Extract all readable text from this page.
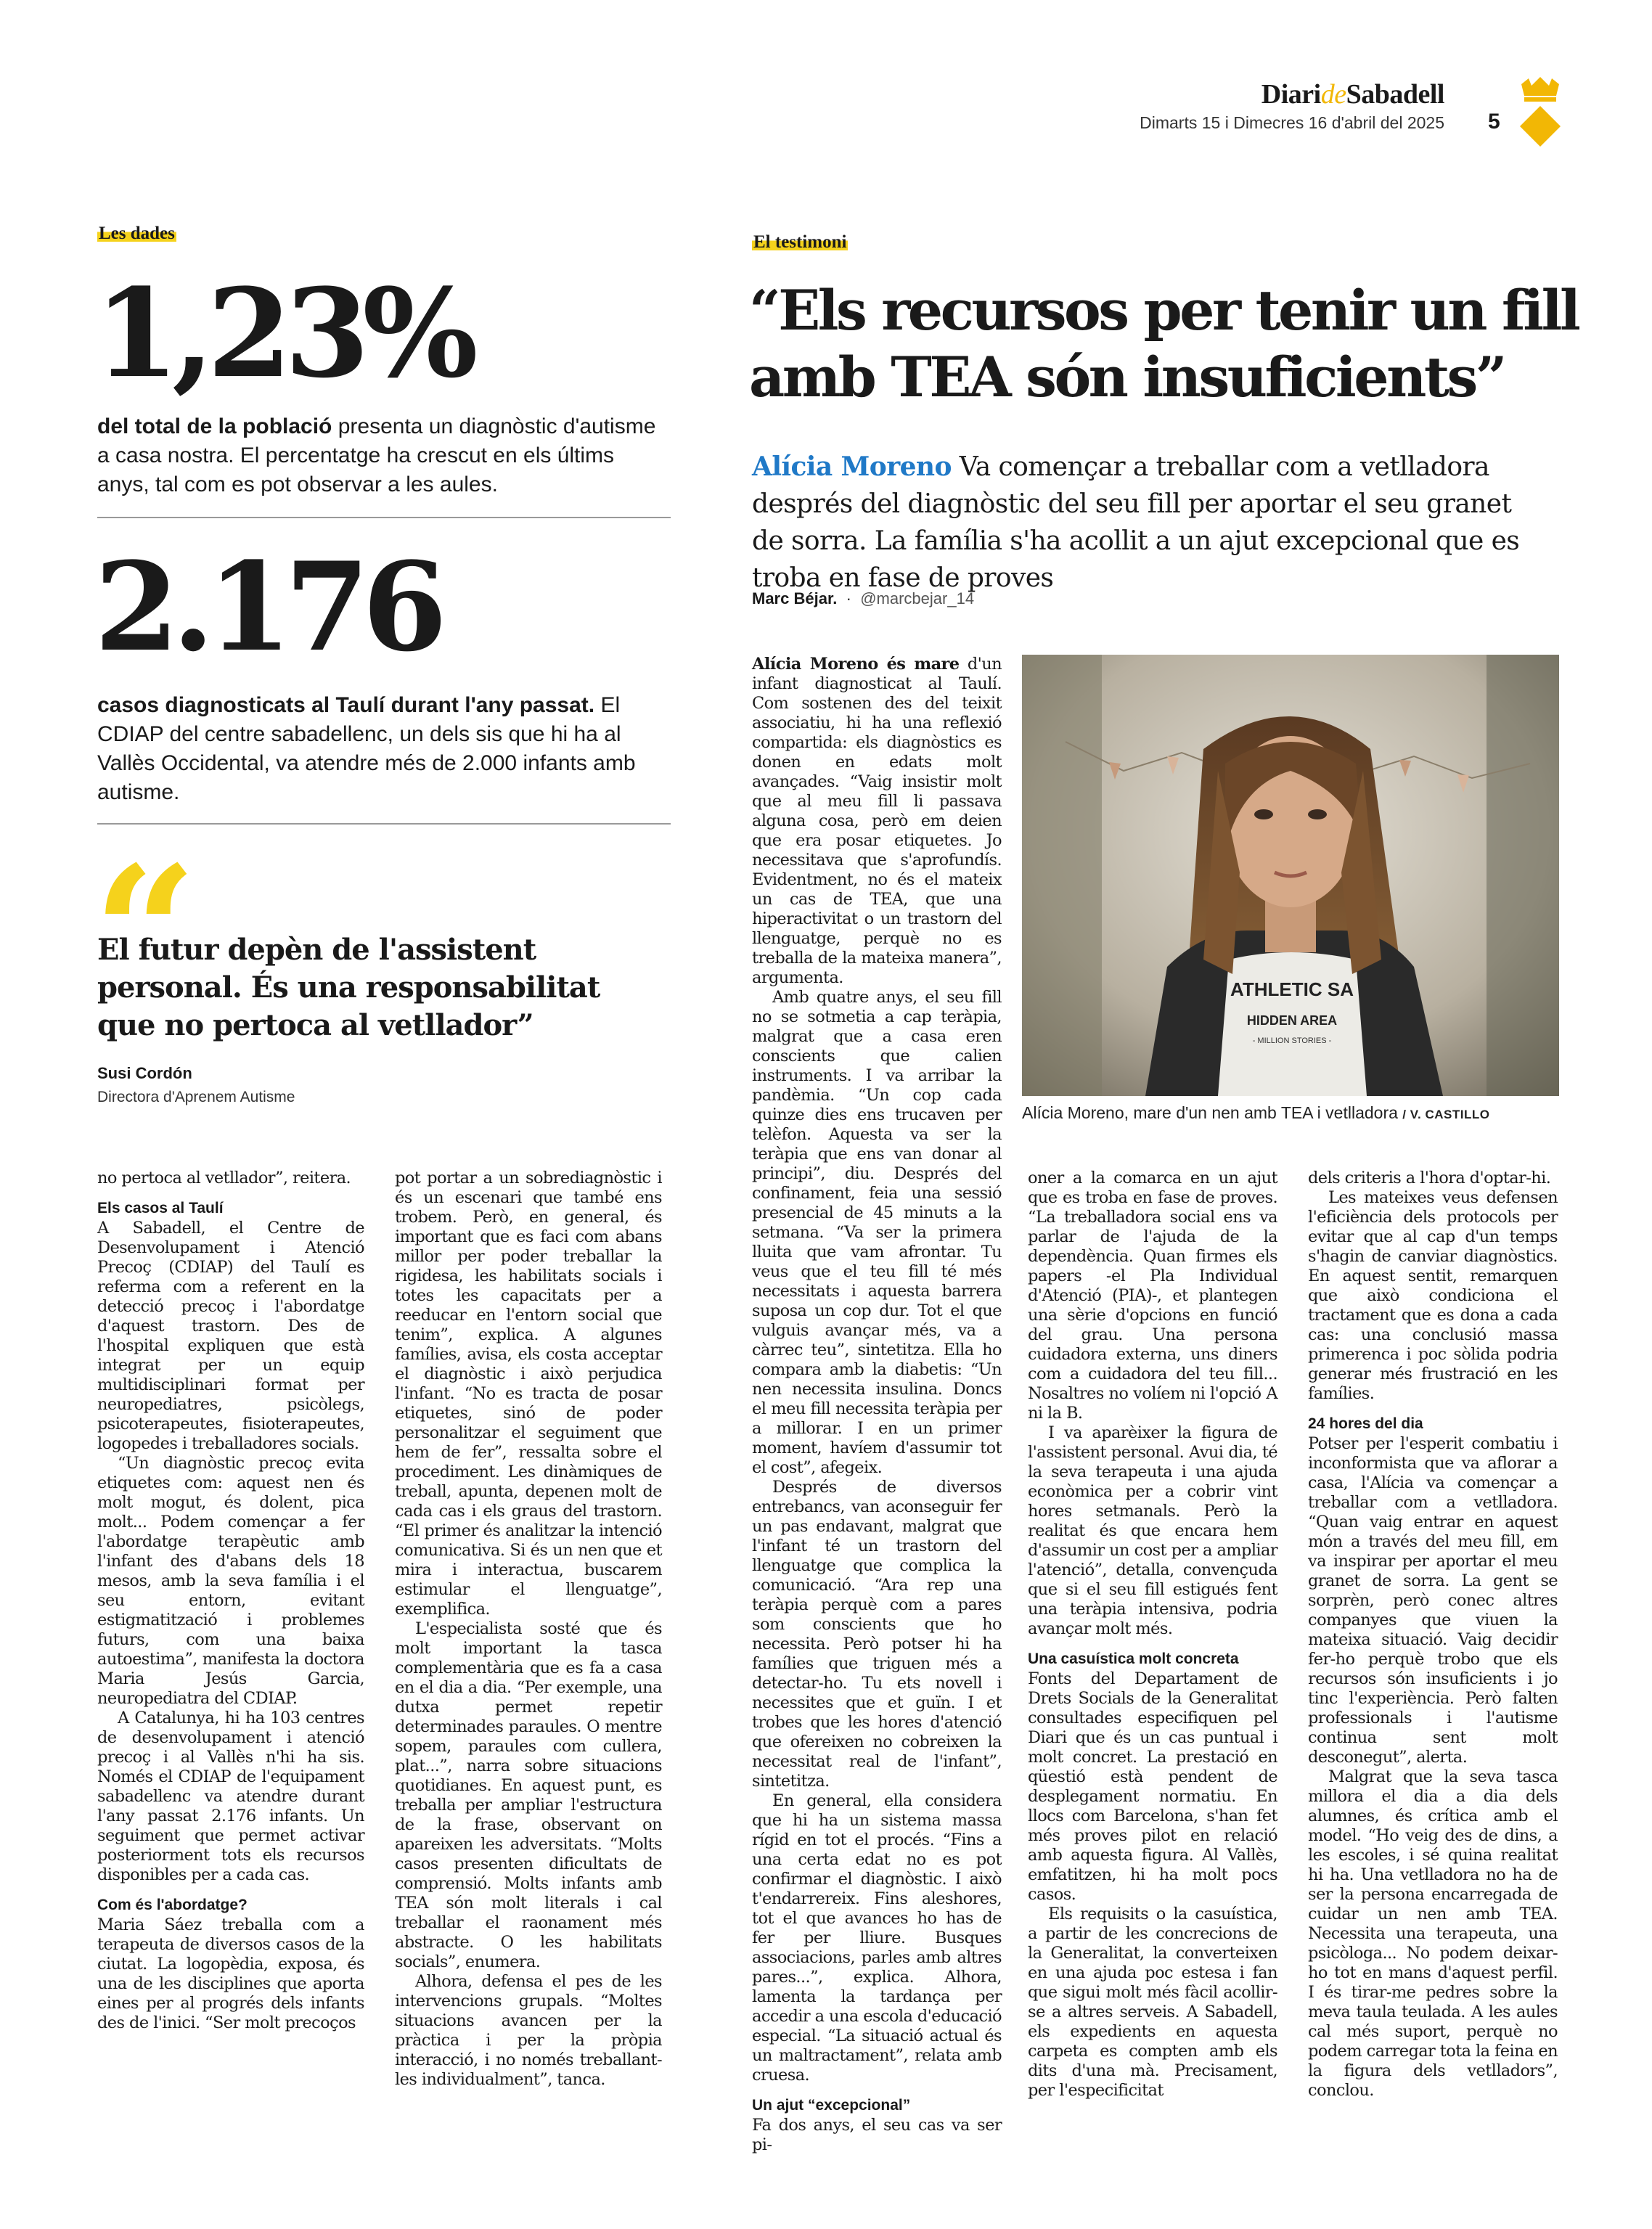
DiarideSabadell
Dimarts 15 i Dimecres 16 d'abril del 2025 5
Les dades
1,23%
del total de la població presenta un diagnòstic d'autisme a casa nostra. El percentatge ha crescut en els últims anys, tal com es pot observar a les aules.
2.176
casos diagnosticats al Taulí durant l'any passat. El CDIAP del centre sabadellenc, un dels sis que hi ha al Vallès Occidental, va atendre més de 2.000 infants amb autisme.
“
El futur depèn de l'assistent personal. És una responsabilitat que no pertoca al vetllador”
Susi Cordón
Directora d'Aprenem Autisme
El testimoni
“Els recursos per tenir un fill amb TEA són insuficients”
Alícia Moreno Va començar a treballar com a vetlladora després del diagnòstic del seu fill per aportar el seu granet de sorra. La família s'ha acollit a un ajut excepcional que es troba en fase de proves
Marc Béjar. · @marcbejar_14
ATHLETIC SA
HIDDEN AREA
- MILLION STORIES -
Alícia Moreno, mare d'un nen amb TEA i vetlladora / V. CASTILLO

no pertoca al vetllador”, reitera.

Els casos al Taulí

A Sabadell, el Centre de Desenvolupament i Atenció Precoç (CDIAP) del Taulí es referma com a referent en la detecció precoç i l'abordatge d'aquest trastorn. Des de l'hospital expliquen que està integrat per un equip multidisciplinari format per neuropediatres, psicòlegs, psicoterapeutes, fisioterapeutes, logopedes i treballadores socials.

“Un diagnòstic precoç evita etiquetes com: aquest nen és molt mogut, és dolent, pica molt... Podem començar a fer l'abordatge terapèutic amb l'infant des d'abans dels 18 mesos, amb la seva família i el seu entorn, evitant estigmatització i problemes futurs, com una baixa autoestima”, manifesta la doctora Maria Jesús Garcia, neuropediatra del CDIAP.

A Catalunya, hi ha 103 centres de desenvolupament i atenció precoç i al Vallès n'hi ha sis. Només el CDIAP de l'equipament sabadellenc va atendre durant l'any passat 2.176 infants. Un seguiment que permet activar posteriorment tots els recursos disponibles per a cada cas.

Com és l'abordatge?

Maria Sáez treballa com a terapeuta de diversos casos de la ciutat. La logopèdia, exposa, és una de les disciplines que aporta eines per al progrés dels infants des de l'inici. “Ser molt precoços

pot portar a un sobrediagnòstic i és un escenari que també ens trobem. Però, en general, és important que es faci com abans millor per poder treballar la rigidesa, les habilitats socials i totes les capacitats per a reeducar en l'entorn social que tenim”, explica. A algunes famílies, avisa, els costa acceptar el diagnòstic i això perjudica l'infant. “No es tracta de posar etiquetes, sinó de poder personalitzar el seguiment que hem de fer”, ressalta sobre el procediment. Les dinàmiques de treball, apunta, depenen molt de cada cas i els graus del trastorn. “El primer és analitzar la intenció comunicativa. Si és un nen que et mira i interactua, buscarem estimular el llenguatge”, exemplifica.

L'especialista sosté que és molt important la tasca complementària que es fa a casa en el dia a dia. “Per exemple, una dutxa permet repetir determinades paraules. O mentre sopem, paraules com cullera, plat...”, narra sobre situacions quotidianes. En aquest punt, es treballa per ampliar l'estructura de la frase, observant on apareixen les adversitats. “Molts casos presenten dificultats de comprensió. Molts infants amb TEA són molt literals i cal treballar el raonament més abstracte. O les habilitats socials”, enumera.

Alhora, defensa el pes de les intervencions grupals. “Moltes situacions avancen per la pràctica i per la pròpia interacció, i no només treballant-les individualment”, tanca.

Alícia Moreno és mare d'un infant diagnosticat al Taulí. Com sostenen des del teixit associatiu, hi ha una reflexió compartida: els diagnòstics es donen en edats molt avançades. “Vaig insistir molt que al meu fill li passava alguna cosa, però em deien que era posar etiquetes. Jo necessitava que s'aprofundís. Evidentment, no és el mateix un cas de TEA, que una hiperactivitat o un trastorn del llenguatge, perquè no es treballa de la mateixa manera”, argumenta.

Amb quatre anys, el seu fill no se sotmetia a cap teràpia, malgrat que a casa eren conscients que calien instruments. I va arribar la pandèmia. “Un cop cada quinze dies ens trucaven per telèfon. Aquesta va ser la teràpia que ens van donar al principi”, diu. Després del confinament, feia una sessió presencial de 45 minuts a la setmana. “Va ser la primera lluita que vam afrontar. Tu veus que el teu fill té més necessitats i aquesta barrera suposa un cop dur. Tot el que vulguis avançar més, va a càrrec teu”, sintetitza. Ella ho compara amb la diabetis: “Un nen necessita insulina. Doncs el meu fill necessita teràpia per a millorar. I en un primer moment, havíem d'assumir tot el cost”, afegeix.

Després de diversos entrebancs, van aconseguir fer un pas endavant, malgrat que l'infant té un trastorn del llenguatge que complica la comunicació. “Ara rep una teràpia perquè com a pares som conscients que ho necessita. Però potser hi ha famílies que triguen més a detectar-ho. Tu ets novell i necessites que et guïn. I et trobes que les hores d'atenció que ofereixen no cobreixen la necessitat real de l'infant”, sintetitza.

En general, ella considera que hi ha un sistema massa rígid en tot el procés. “Fins a una certa edat no es pot confirmar el diagnòstic. I això t'endarrereix. Fins aleshores, tot el que avances ho has de fer per lliure. Busques associacions, parles amb altres pares...”, explica. Alhora, lamenta la tardança per accedir a una escola d'educació especial. “La situació actual és un maltractament”, relata amb cruesa.

Un ajut “excepcional”

Fa dos anys, el seu cas va ser pi-

oner a la comarca en un ajut que es troba en fase de proves. “La treballadora social ens va parlar de l'ajuda de la dependència. Quan firmes els papers -el Pla Individual d'Atenció (PIA)-, et plantegen una sèrie d'opcions en funció del grau. Una persona cuidadora externa, uns diners com a cuidadora del teu fill... Nosaltres no volíem ni l'opció A ni la B.

I va aparèixer la figura de l'assistent personal. Avui dia, té la seva terapeuta i una ajuda econòmica per a cobrir vint hores setmanals. Però la realitat és que encara hem d'assumir un cost per a ampliar l'atenció”, detalla, convençuda que si el seu fill estigués fent una teràpia intensiva, podria avançar molt més.

Una casuística molt concreta

Fonts del Departament de Drets Socials de la Generalitat consultades especifiquen pel Diari que és un cas puntual i molt concret. La prestació en qüestió està pendent de desplegament normatiu. En llocs com Barcelona, s'han fet més proves pilot en relació amb aquesta figura. Al Vallès, emfatitzen, hi ha molt pocs casos.

Els requisits o la casuística, a partir de les concrecions de la Generalitat, la converteixen en una ajuda poc estesa i fan que sigui molt més fàcil acollir-se a altres serveis. A Sabadell, els expedients en aquesta carpeta es compten amb els dits d'una mà. Precisament, per l'especificitat

dels criteris a l'hora d'optar-hi.

Les mateixes veus defensen l'eficiència dels protocols per evitar que al cap d'un temps s'hagin de canviar diagnòstics. En aquest sentit, remarquen que això condiciona el tractament que es dona a cada cas: una conclusió massa primerenca i poc sòlida podria generar més frustració en les famílies.

24 hores del dia

Potser per l'esperit combatiu i inconformista que va aflorar a casa, l'Alícia va començar a treballar com a vetlladora. “Quan vaig entrar en aquest món a través del meu fill, em va inspirar per aportar el meu granet de sorra. La gent se sorprèn, però conec altres companyes que viuen la mateixa situació. Vaig decidir fer-ho perquè trobo que els recursos són insuficients i jo tinc l'experiència. Però falten professionals i l'autisme continua sent molt desconegut”, alerta.

Malgrat que la seva tasca millora el dia a dia dels alumnes, és crítica amb el model. “Ho veig des de dins, a les escoles, i sé quina realitat hi ha. Una vetlladora no ha de ser la persona encarregada de cuidar un nen amb TEA. Necessita una terapeuta, una psicòloga... No podem deixar-ho tot en mans d'aquest perfil. I és tirar-me pedres sobre la meva taula teulada. A les aules cal més suport, perquè no podem carregar tota la feina en la figura dels vetlladors”, conclou.
